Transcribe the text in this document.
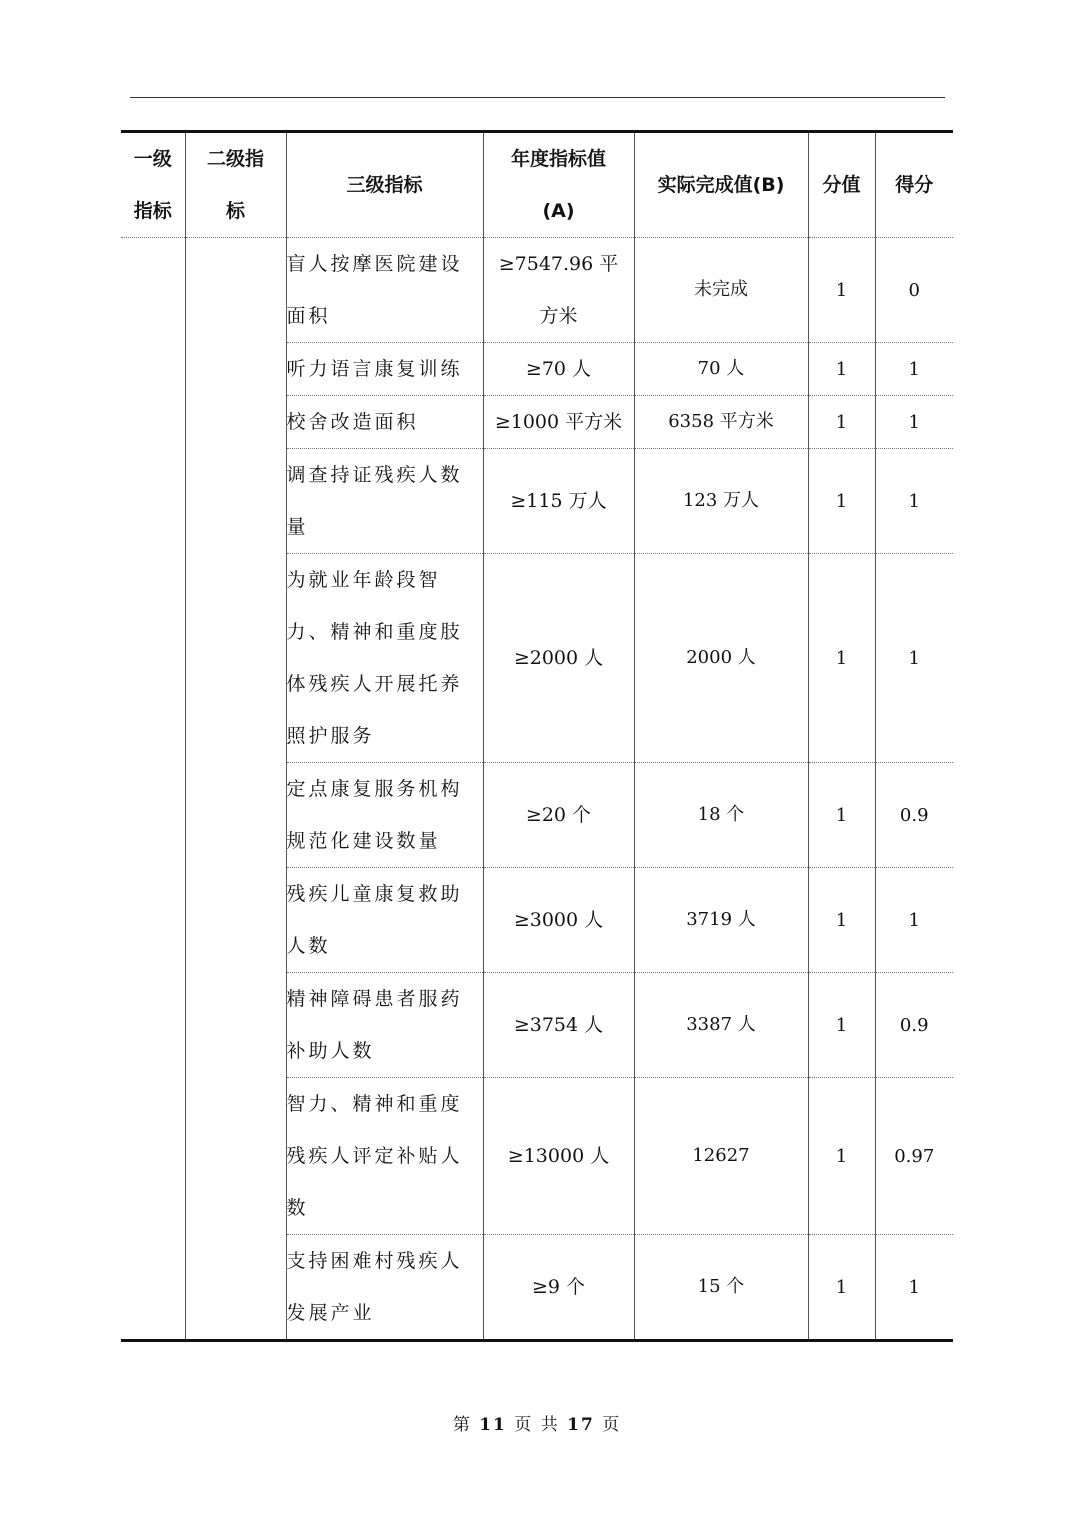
一级指标	二级指标	三级指标	年度指标值(A)	实际完成值(B)	分值	得分
		盲人按摩医院建设面积	≥7547.96 平方米	未完成	1	0
		听力语言康复训练	≥70 人	70 人	1	1
		校舍改造面积	≥1000 平方米	6358 平方米	1	1
		调查持证残疾人数量	≥115 万人	123 万人	1	1
		为就业年龄段智力、精神和重度肢体残疾人开展托养照护服务	≥2000 人	2000 人	1	1
		定点康复服务机构规范化建设数量	≥20 个	18 个	1	0.9
		残疾儿童康复救助人数	≥3000 人	3719 人	1	1
		精神障碍患者服药补助人数	≥3754 人	3387 人	1	0.9
		智力、精神和重度残疾人评定补贴人数	≥13000 人	12627	1	0.97
		支持困难村残疾人发展产业	≥9 个	15 个	1	1
第 11 页 共 17 页
